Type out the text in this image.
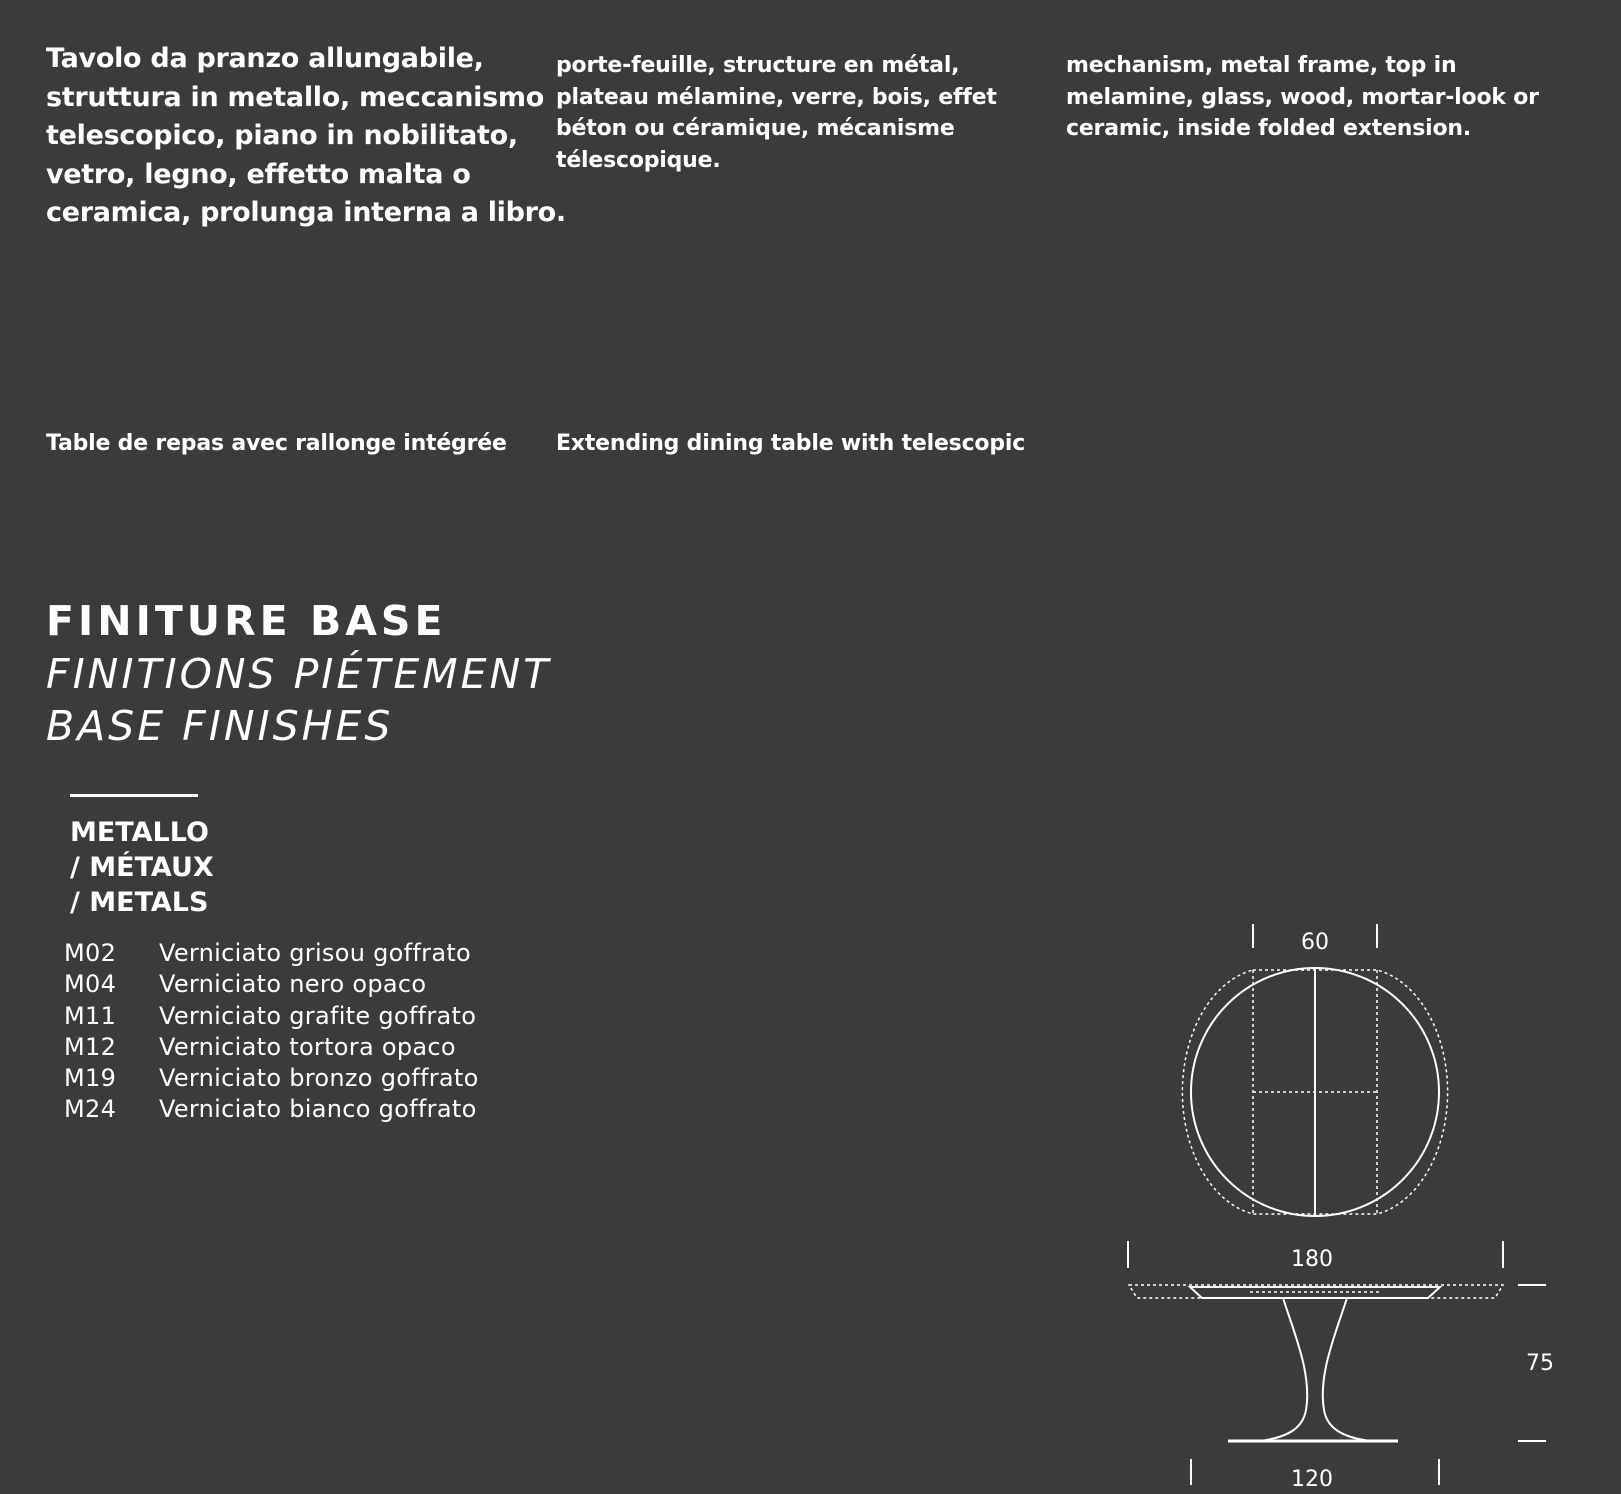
Tavolo da pranzo allungabile, struttura in metallo, meccanismo telescopico, piano in nobilitato, vetro, legno, effetto malta o ceramica, prolunga interna a libro.

porte-feuille, structure en métal, plateau mélamine, verre, bois, effet béton ou céramique, mécanisme télescopique.

mechanism, metal frame, top in melamine, glass, wood, mortar-look or ceramic, inside folded extension.

Table de repas avec rallonge intégrée Extending dining table with telescopic

FINITURE BASE
FINITIONS PIÉTEMENT
BASE FINISHES
METALLO
/ MÉTAUX
/ METALS
M02	Verniciato grisou goffrato
M04	Verniciato nero opaco
M11	Verniciato grafite goffrato
M12	Verniciato tortora opaco
M19	Verniciato bronzo goffrato
M24	Verniciato bianco goffrato
60
180
75
120
